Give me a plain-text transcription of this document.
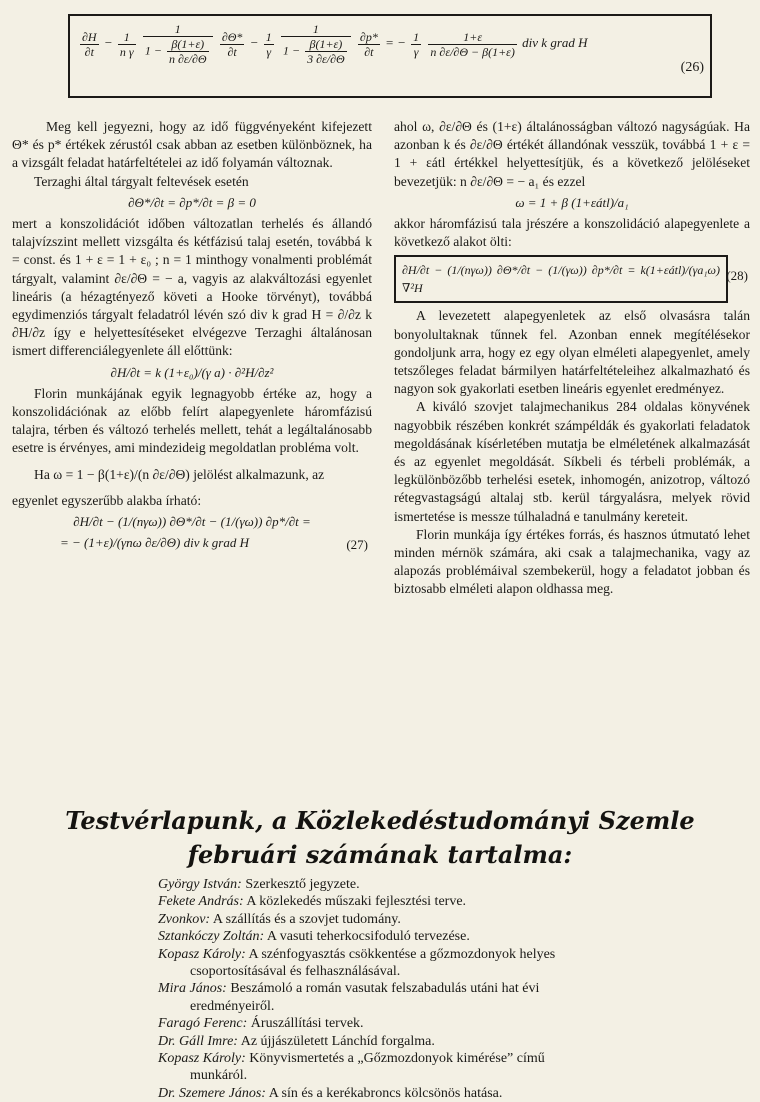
$\frac{\partial H}{\partial t} - \frac{1}{\text{n γ}}$
$\frac{1}{1 - \frac{\beta(1+\varepsilon)}{n \partial\varepsilon/\partial\Theta}}$
$\frac{\partial\Theta*}{\partial t} - \frac{1}{\gamma}$
$\frac{1}{1 - \frac{\beta(1+\varepsilon)}{3 \partial\varepsilon/\partial\Theta}}$
$\frac{\partial p*}{\partial t}$ = − $\frac{1}{\gamma}$
$\frac{1+\varepsilon}{n \partial\varepsilon/\partial\Theta - \beta(1+\varepsilon)}$ div k grad H
(26)

Meg kell jegyezni, hogy az idő függvényeként kifejezett Θ* és p* értékek zérustól csak abban az esetben különböznek, ha a vizsgált feladat határfeltételei az idő folyamán változnak.

Terzaghi által tárgyalt feltevések esetén

∂Θ*/∂t = ∂p*/∂t = β = 0

mert a konszolidációt időben változatlan terhelés és állandó talajvízszint mellett vizsgálta és kétfázisú talaj esetén, továbbá k = const. és 1 + ε = 1 + ε₀ ; n = 1 minthogy vonalmenti problémát tárgyalt, valamint ∂ε/∂Θ = − a, vagyis az alakváltozási egyenlet lineáris (a hézagtényező követi a Hooke törvényt), továbbá egydimenziós tárgyalt feladatról lévén szó div k grad H = ∂/∂z k ∂H/∂z így e helyettesítéseket elvégezve Terzaghi általánosan ismert differenciálegyenlete áll előttünk:

∂H/∂t = k (1+ε₀)/(γ a) · ∂²H/∂z²

Florin munkájának egyik legnagyobb értéke az, hogy a konszolidációnak az előbb felírt alapegyenlete háromfázisú talajra, térben és változó terhelés mellett, tehát a legáltalánosabb esetre is érvényes, ami mindezideig megoldatlan probléma volt.

Ha ω = 1 − β(1+ε)/(n ∂ε/∂Θ) jelölést alkalmazunk, az

egyenlet egyszerűbb alakba írható:

∂H/∂t − (1/(nγω)) ∂Θ*/∂t − (1/(γω)) ∂p*/∂t =
= − (1+ε)/(γnω ∂ε/∂Θ) div k grad H	(27)

ahol ω, ∂ε/∂Θ és (1+ε) általánosságban változó nagyságúak. Ha azonban k és ∂ε/∂Θ értékét állandónak vesszük, továbbá 1 + ε = 1 + εátl értékkel helyettesítjük, és a következő jelöléseket bevezetjük: n ∂ε/∂Θ = − a₁ és ezzel

ω = 1 + β (1+εátl)/a₁

akkor háromfázisú tala jrészére a konszolidáció alapegyenlete a következő alakot ölti:

∂H/∂t − (1/(nγω)) ∂Θ*/∂t − (1/(γω)) ∂p*/∂t = k(1+εátl)/(γa₁ω) ∇²H
(28)

A levezetett alapegyenletek az első olvasásra talán bonyolultaknak tűnnek fel. Azonban ennek megítélésekor gondoljunk arra, hogy ez egy olyan elméleti alapegyenlet, amely tetszőleges feladat bármilyen határfeltételeihez alkalmazható és nagyon sok gyakorlati esetben lineáris egyenlet eredményez.

A kiváló szovjet talajmechanikus 284 oldalas könyvének nagyobbik részében konkrét számpéldák és gyakorlati feladatok megoldásának kísérletében mutatja be elméletének alkalmazását és az egyenlet megoldását. Síkbeli és térbeli problémák, a legkülönbözőbb terhelési esetek, inhomogén, anizotrop, változó rétegvastagságú altalaj stb. kerül tárgyalásra, melyek rövid ismertetése is messze túlhaladná e tanulmány kereteit.

Florin munkája így értékes forrás, és hasznos útmutató lehet minden mérnök számára, aki csak a talajmechanika, vagy az alapozás problémáival szembekerül, hogy a feladatot jobban és biztosabb elméleti alapon oldhassa meg.

Testvérlapunk, a Közlekedéstudományi Szemle
februári számának tartalma:
György István: Szerkesztő jegyzete.
Fekete András: A közlekedés műszaki fejlesztési terve.
Zvonkov: A szállítás és a szovjet tudomány.
Sztankóczy Zoltán: A vasuti teherkocsifoduló tervezése.
Kopasz Károly: A szénfogyasztás csökkentése a gőzmozdonyok helyes
csoportosításával és felhasználásával.
Mira János: Beszámoló a román vasutak felszabadulás utáni hat évi
eredményeiről.
Faragó Ferenc: Áruszállítási tervek.
Dr. Gáll Imre: Az újjászületett Lánchíd forgalma.
Kopasz Károly: Könyvismertetés a „Gőzmozdonyok kimérése” című
munkáról.
Dr. Szemere János: A sín és a kerékabroncs kölcsönös hatása.
